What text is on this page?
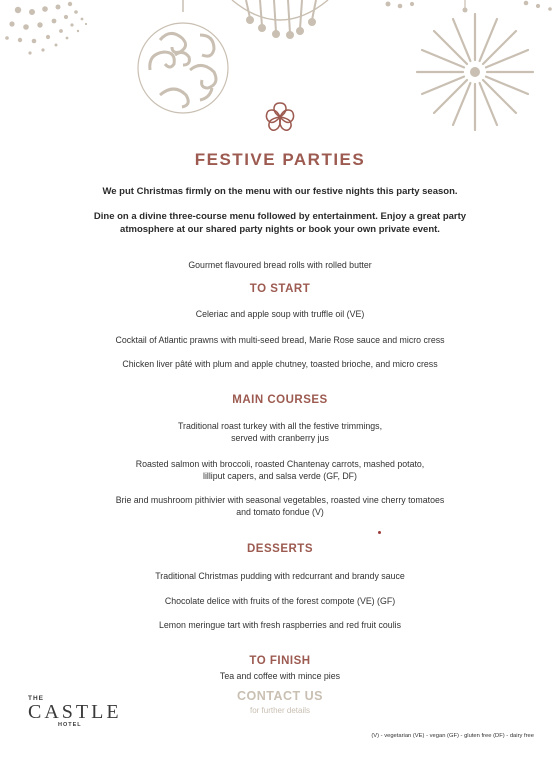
FESTIVE PARTIES
We put Christmas firmly on the menu with our festive nights this party season.
Dine on a divine three-course menu followed by entertainment. Enjoy a great party
atmosphere at our shared party nights or book your own private event.
Gourmet flavoured bread rolls with rolled butter
TO START
Celeriac and apple soup with truffle oil (VE)
Cocktail of Atlantic prawns with multi-seed bread, Marie Rose sauce and micro cress
Chicken liver pâté with plum and apple chutney, toasted brioche, and micro cress
MAIN COURSES
Traditional roast turkey with all the festive trimmings,
served with cranberry jus
Roasted salmon with broccoli, roasted Chantenay carrots, mashed potato,
lilliput capers, and salsa verde (GF, DF)
Brie and mushroom pithivier with seasonal vegetables, roasted vine cherry tomatoes
and tomato fondue (V)
DESSERTS
Traditional Christmas pudding with redcurrant and brandy sauce
Chocolate delice with fruits of the forest compote (VE) (GF)
Lemon meringue tart with fresh raspberries and red fruit coulis
TO FINISH
Tea and coffee with mince pies
CONTACT US
for further details
THE
CASTLE
HOTEL
(V) - vegetarian (VE) - vegan (GF) - gluten free (DF) - dairy free
